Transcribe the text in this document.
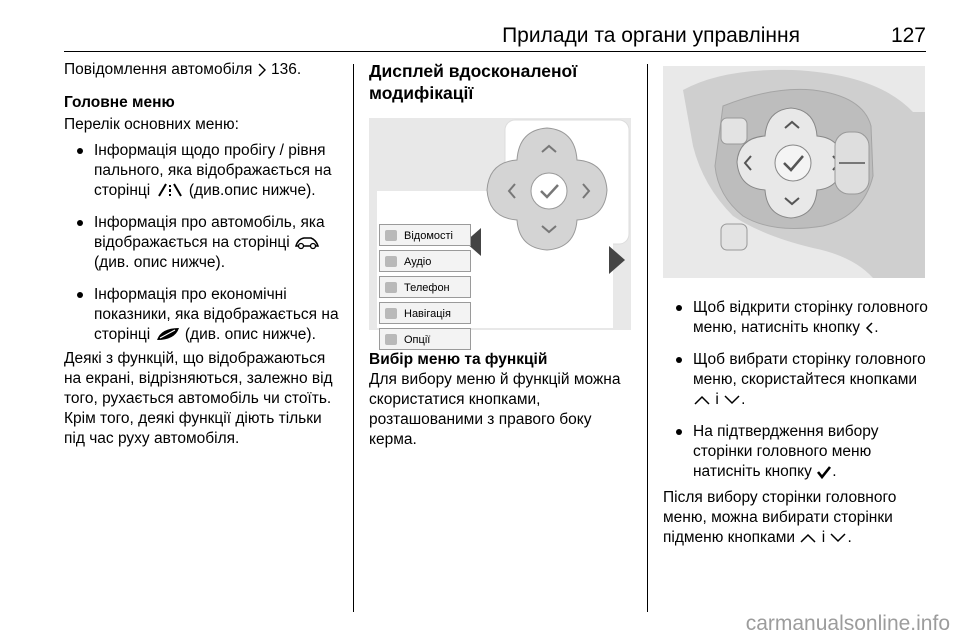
Прилади та органи управління	127

Повідомлення автомобіля 136.

Головне меню

Перелік основних меню:

Інформація щодо пробігу / рівня пального, яка відображається на сторінці (див.опис нижче).
Інформація про автомобіль, яка відображається на сторінці  (див. опис нижче).
Інформація про економічні показники, яка відображається на сторінці (див. опис нижче).

Деякі з функцій, що відображаються на екрані, відрізняються, залежно від того, рухається автомобіль чи стоїть. Крім того, деякі функції діють тільки під час руху автомобіля.

Дисплей вдосконаленої модифікації
Відомості
Аудіо
Телефон
Навігація
Опції
Вибір меню та функцій

Для вибору меню й функцій можна скористатися кнопками, розташованими з правого боку керма.

Щоб відкрити сторінку головного меню, натисніть кнопку .
Щоб вибрати сторінку головного меню, скористайтеся кнопками  і .
На підтвердження вибору сторінки головного меню натисніть кнопку .

Після вибору сторінки головного меню, можна вибирати сторінки підменю кнопками і .

carmanualsonline.info
